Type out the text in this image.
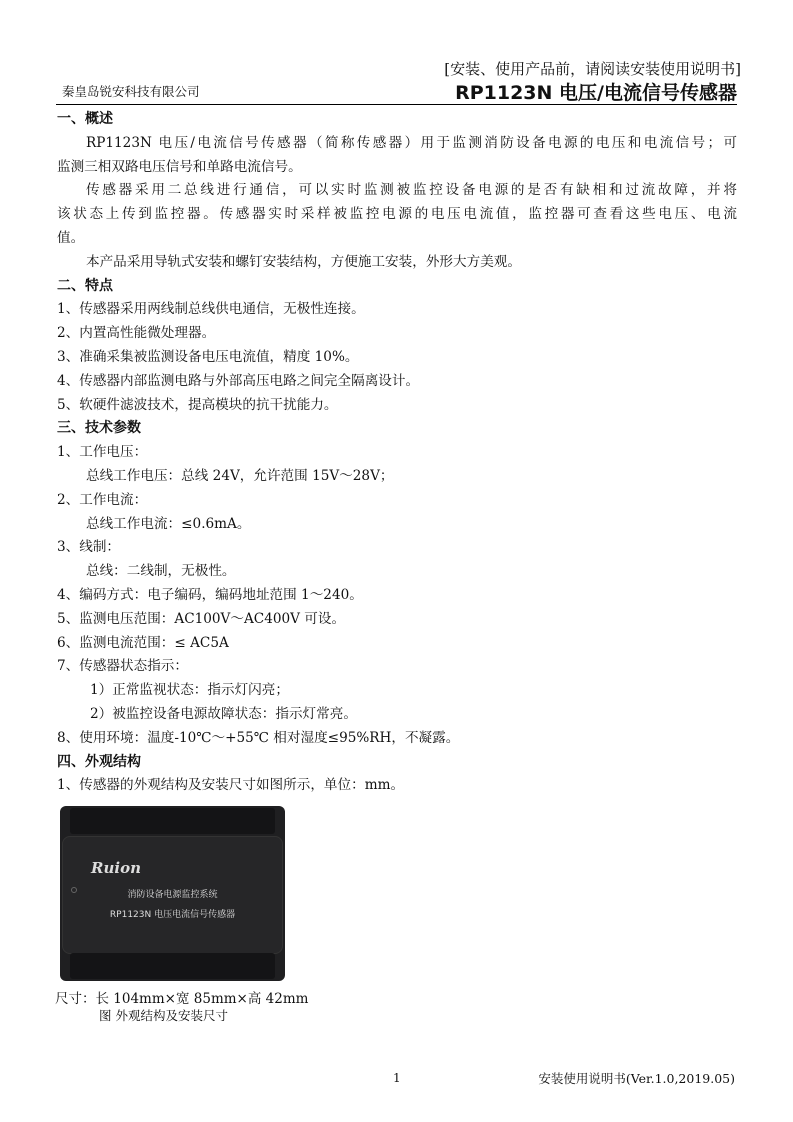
[安装、使用产品前，请阅读安装使用说明书]
秦皇岛锐安科技有限公司	RP1123N 电压/电流信号传感器
一、概述
RP1123N 电压/电流信号传感器（简称传感器）用于监测消防设备电源的电压和电流信号；可
监测三相双路电压信号和单路电流信号。
传感器采用二总线进行通信，可以实时监测被监控设备电源的是否有缺相和过流故障，并将
该状态上传到监控器。传感器实时采样被监控电源的电压电流值，监控器可查看这些电压、电流
值。
本产品采用导轨式安装和螺钉安装结构，方便施工安装，外形大方美观。
二、特点
1、传感器采用两线制总线供电通信，无极性连接。
2、内置高性能微处理器。
3、准确采集被监测设备电压电流值，精度 10%。
4、传感器内部监测电路与外部高压电路之间完全隔离设计。
5、软硬件滤波技术，提高模块的抗干扰能力。
三、技术参数
1、工作电压：
总线工作电压：总线 24V，允许范围 15V～28V；
2、工作电流：
总线工作电流：≤0.6mA。
3、线制：
总线：二线制，无极性。
4、编码方式：电子编码，编码地址范围 1～240。
5、监测电压范围：AC100V～AC400V 可设。
6、监测电流范围：≤ AC5A
7、传感器状态指示：
1）正常监视状态：指示灯闪亮；
2）被监控设备电源故障状态：指示灯常亮。
8、使用环境：温度-10℃～+55℃ 相对湿度≤95%RH，不凝露。
四、外观结构
1、传感器的外观结构及安装尺寸如图所示，单位：mm。
Ruion
消防设备电源监控系统
RP1123N 电压电流信号传感器
尺寸：长 104mm×宽 85mm×高 42mm
图 外观结构及安装尺寸
1	安装使用说明书(Ver.1.0,2019.05)
